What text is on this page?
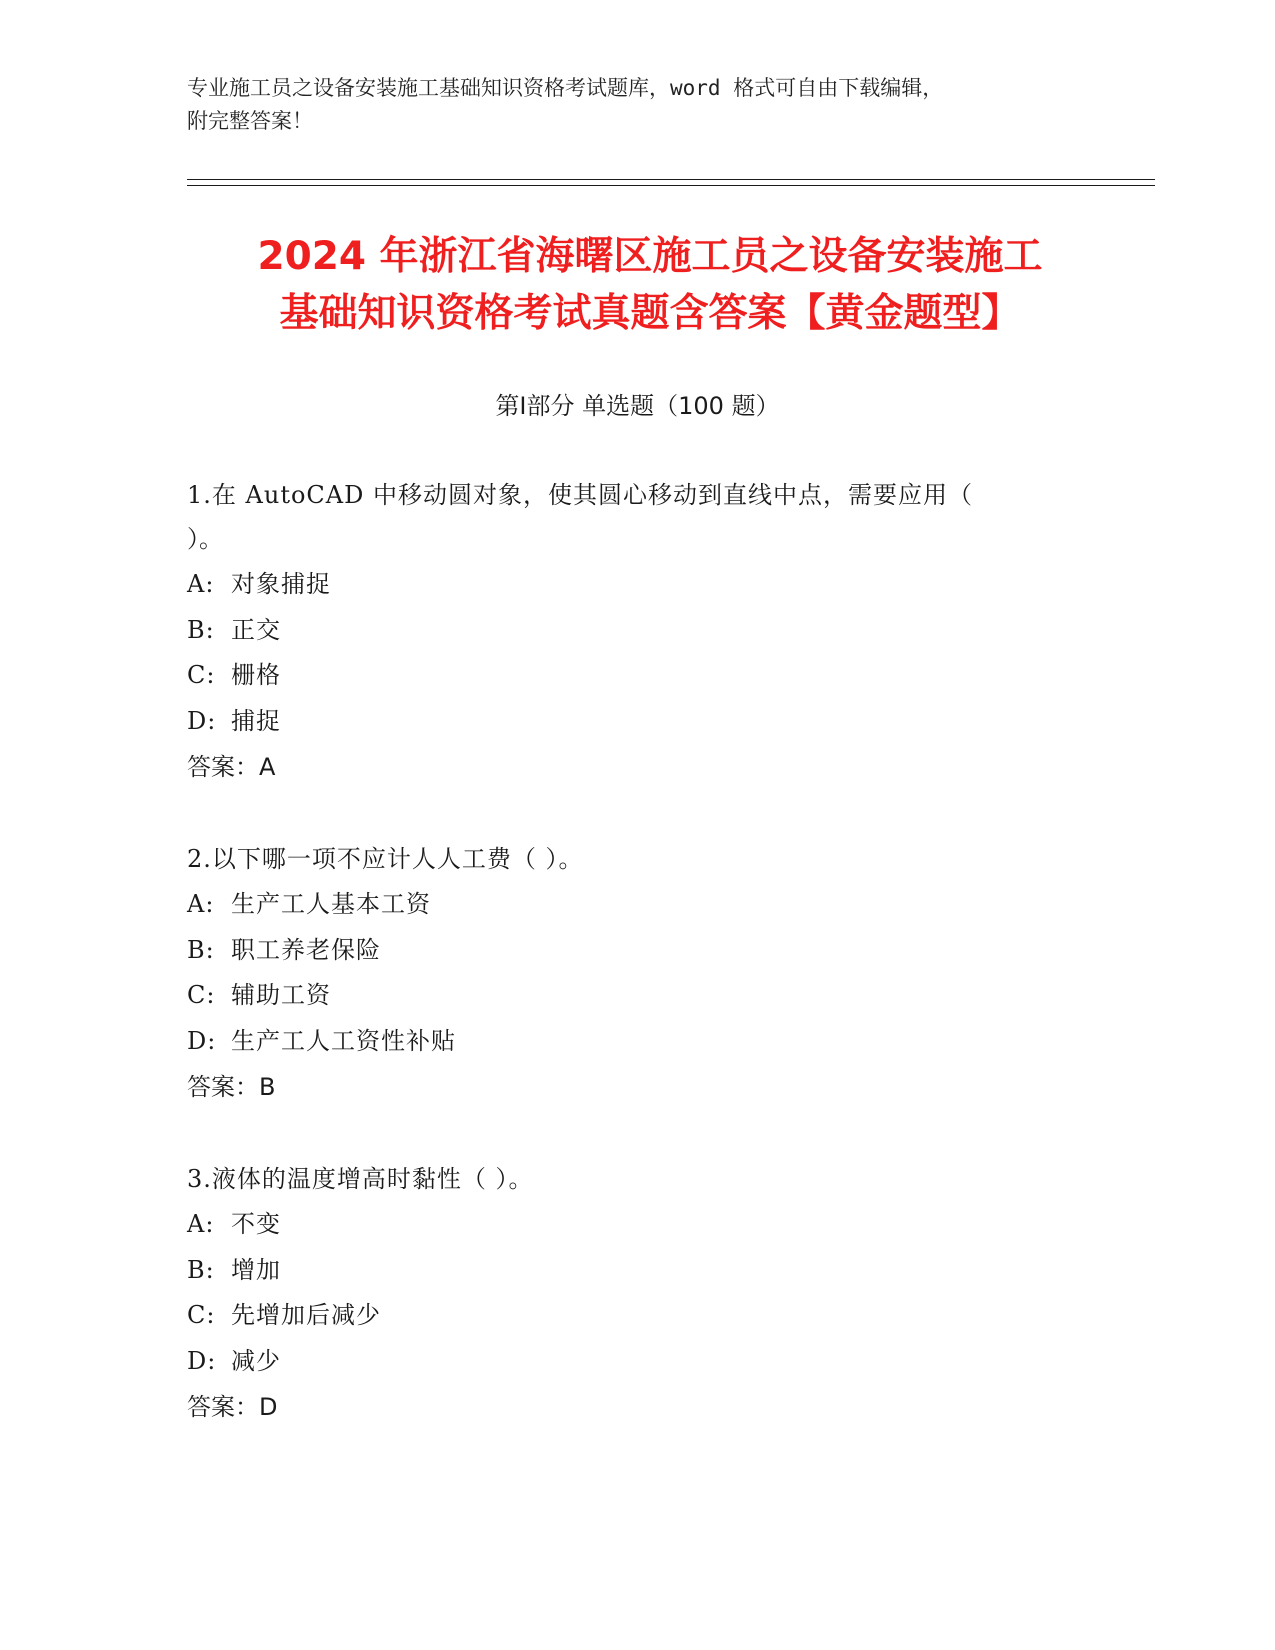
专业施工员之设备安装施工基础知识资格考试题库，word 格式可自由下载编辑，
附完整答案！
2024 年浙江省海曙区施工员之设备安装施工
基础知识资格考试真题含答案【黄金题型】
第Ⅰ部分 单选题（100 题）
1.在 AutoCAD 中移动圆对象，使其圆心移动到直线中点，需要应用（
）。
A: 对象捕捉
B: 正交
C: 栅格
D: 捕捉
答案：A
2.以下哪一项不应计人人工费（ ）。
A: 生产工人基本工资
B: 职工养老保险
C: 辅助工资
D: 生产工人工资性补贴
答案：B
3.液体的温度增高时黏性（ ）。
A: 不变
B: 增加
C: 先增加后减少
D: 减少
答案：D
